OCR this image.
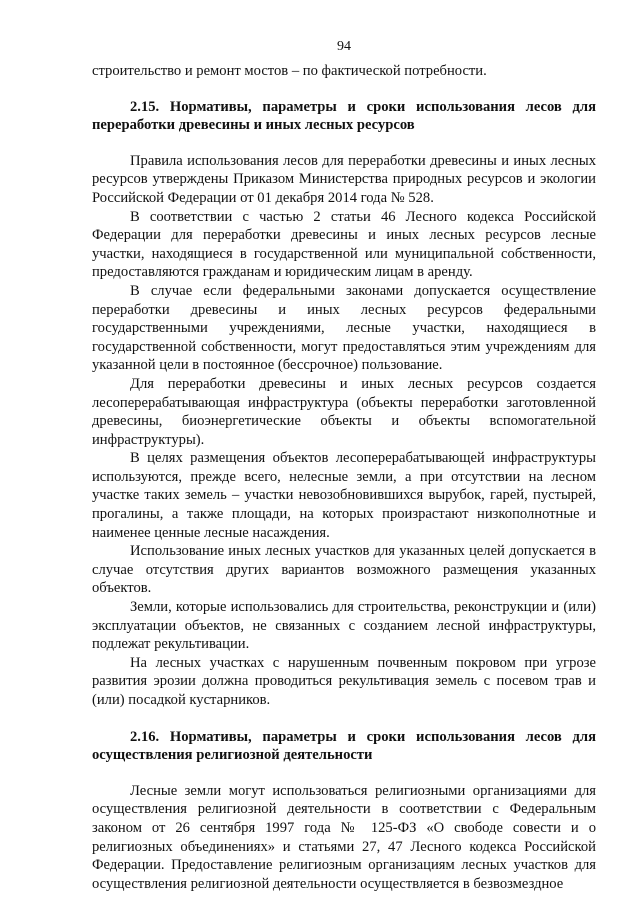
94

строительство и ремонт мостов – по фактической потребности.

2.15. Нормативы, параметры и сроки использования лесов для переработки древесины и иных лесных ресурсов

Правила использования лесов для переработки древесины и иных лесных ресурсов утверждены Приказом Министерства природных ресурсов и экологии Российской Федерации от 01 декабря 2014 года № 528.

В соответствии с частью 2 статьи 46 Лесного кодекса Российской Федерации для переработки древесины и иных лесных ресурсов лесные участки, находящиеся в государственной или муниципальной собственности, предоставляются гражданам и юридическим лицам в аренду.

В случае если федеральными законами допускается осуществление переработки древесины и иных лесных ресурсов федеральными государственными учреждениями, лесные участки, находящиеся в государственной собственности, могут предоставляться этим учреждениям для указанной цели в постоянное (бессрочное) пользование.

Для переработки древесины и иных лесных ресурсов создается лесоперерабатывающая инфраструктура (объекты переработки заготовленной древесины, биоэнергетические объекты и объекты вспомогательной инфраструктуры).

В целях размещения объектов лесоперерабатывающей инфраструктуры используются, прежде всего, нелесные земли, а при отсутствии на лесном участке таких земель – участки невозобновившихся вырубок, гарей, пустырей, прогалины, а также площади, на которых произрастают низкополнотные и наименее ценные лесные насаждения.

Использование иных лесных участков для указанных целей допускается в случае отсутствия других вариантов возможного размещения указанных объектов.

Земли, которые использовались для строительства, реконструкции и (или) эксплуатации объектов, не связанных с созданием лесной инфраструктуры, подлежат рекультивации.

На лесных участках с нарушенным почвенным покровом при угрозе развития эрозии должна проводиться рекультивация земель с посевом трав и (или) посадкой кустарников.

2.16. Нормативы, параметры и сроки использования лесов для осуществления религиозной деятельности

Лесные земли могут использоваться религиозными организациями для осуществления религиозной деятельности в соответствии с Федеральным законом от 26 сентября 1997 года № 125-ФЗ «О свободе совести и о религиозных объединениях» и статьями 27, 47 Лесного кодекса Российской Федерации. Предоставление религиозным организациям лесных участков для осуществления религиозной деятельности осуществляется в безвозмездное
